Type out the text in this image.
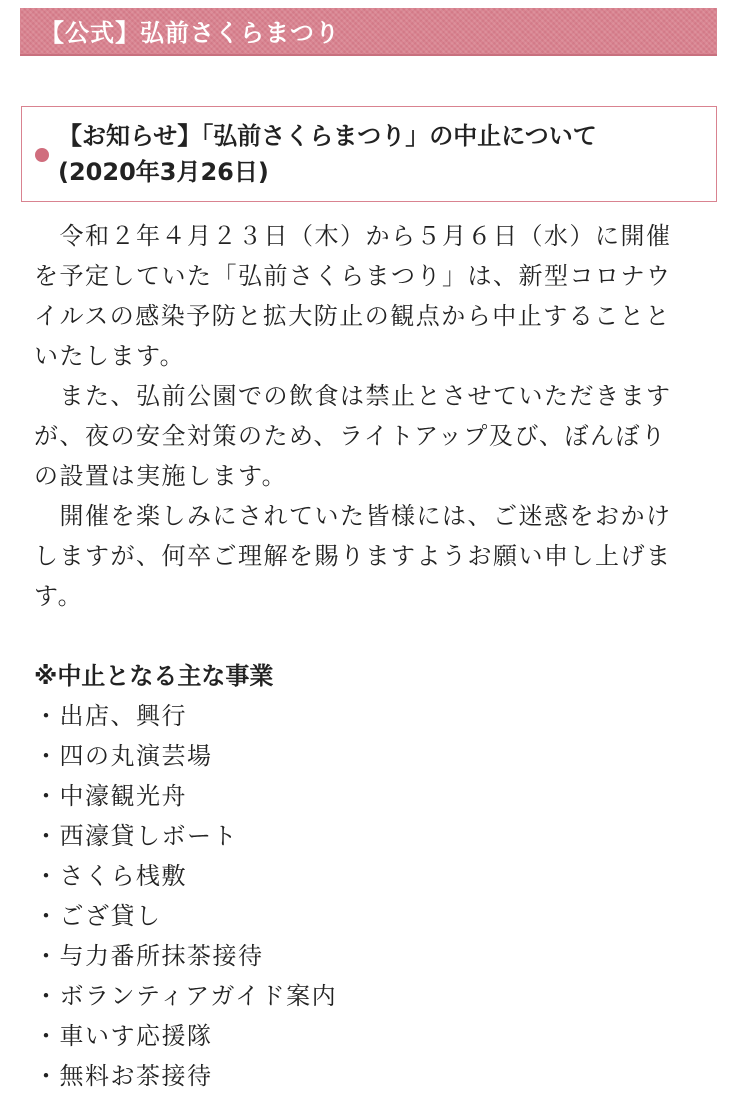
【公式】弘前さくらまつり
【お知らせ】「弘前さくらまつり」の中止について
(2020年3月26日)
　令和２年４月２３日（木）から５月６日（水）に開催
を予定していた「弘前さくらまつり」は、新型コロナウ
イルスの感染予防と拡大防止の観点から中止することと
いたします。
　また、弘前公園での飲食は禁止とさせていただきます
が、夜の安全対策のため、ライトアップ及び、ぼんぼり
の設置は実施します。
　開催を楽しみにされていた皆様には、ご迷惑をおかけ
しますが、何卒ご理解を賜りますようお願い申し上げま
す。
※中止となる主な事業
・出店、興行
・四の丸演芸場
・中濠観光舟
・西濠貸しボート
・さくら桟敷
・ござ貸し
・与力番所抹茶接待
・ボランティアガイド案内
・車いす応援隊
・無料お茶接待
